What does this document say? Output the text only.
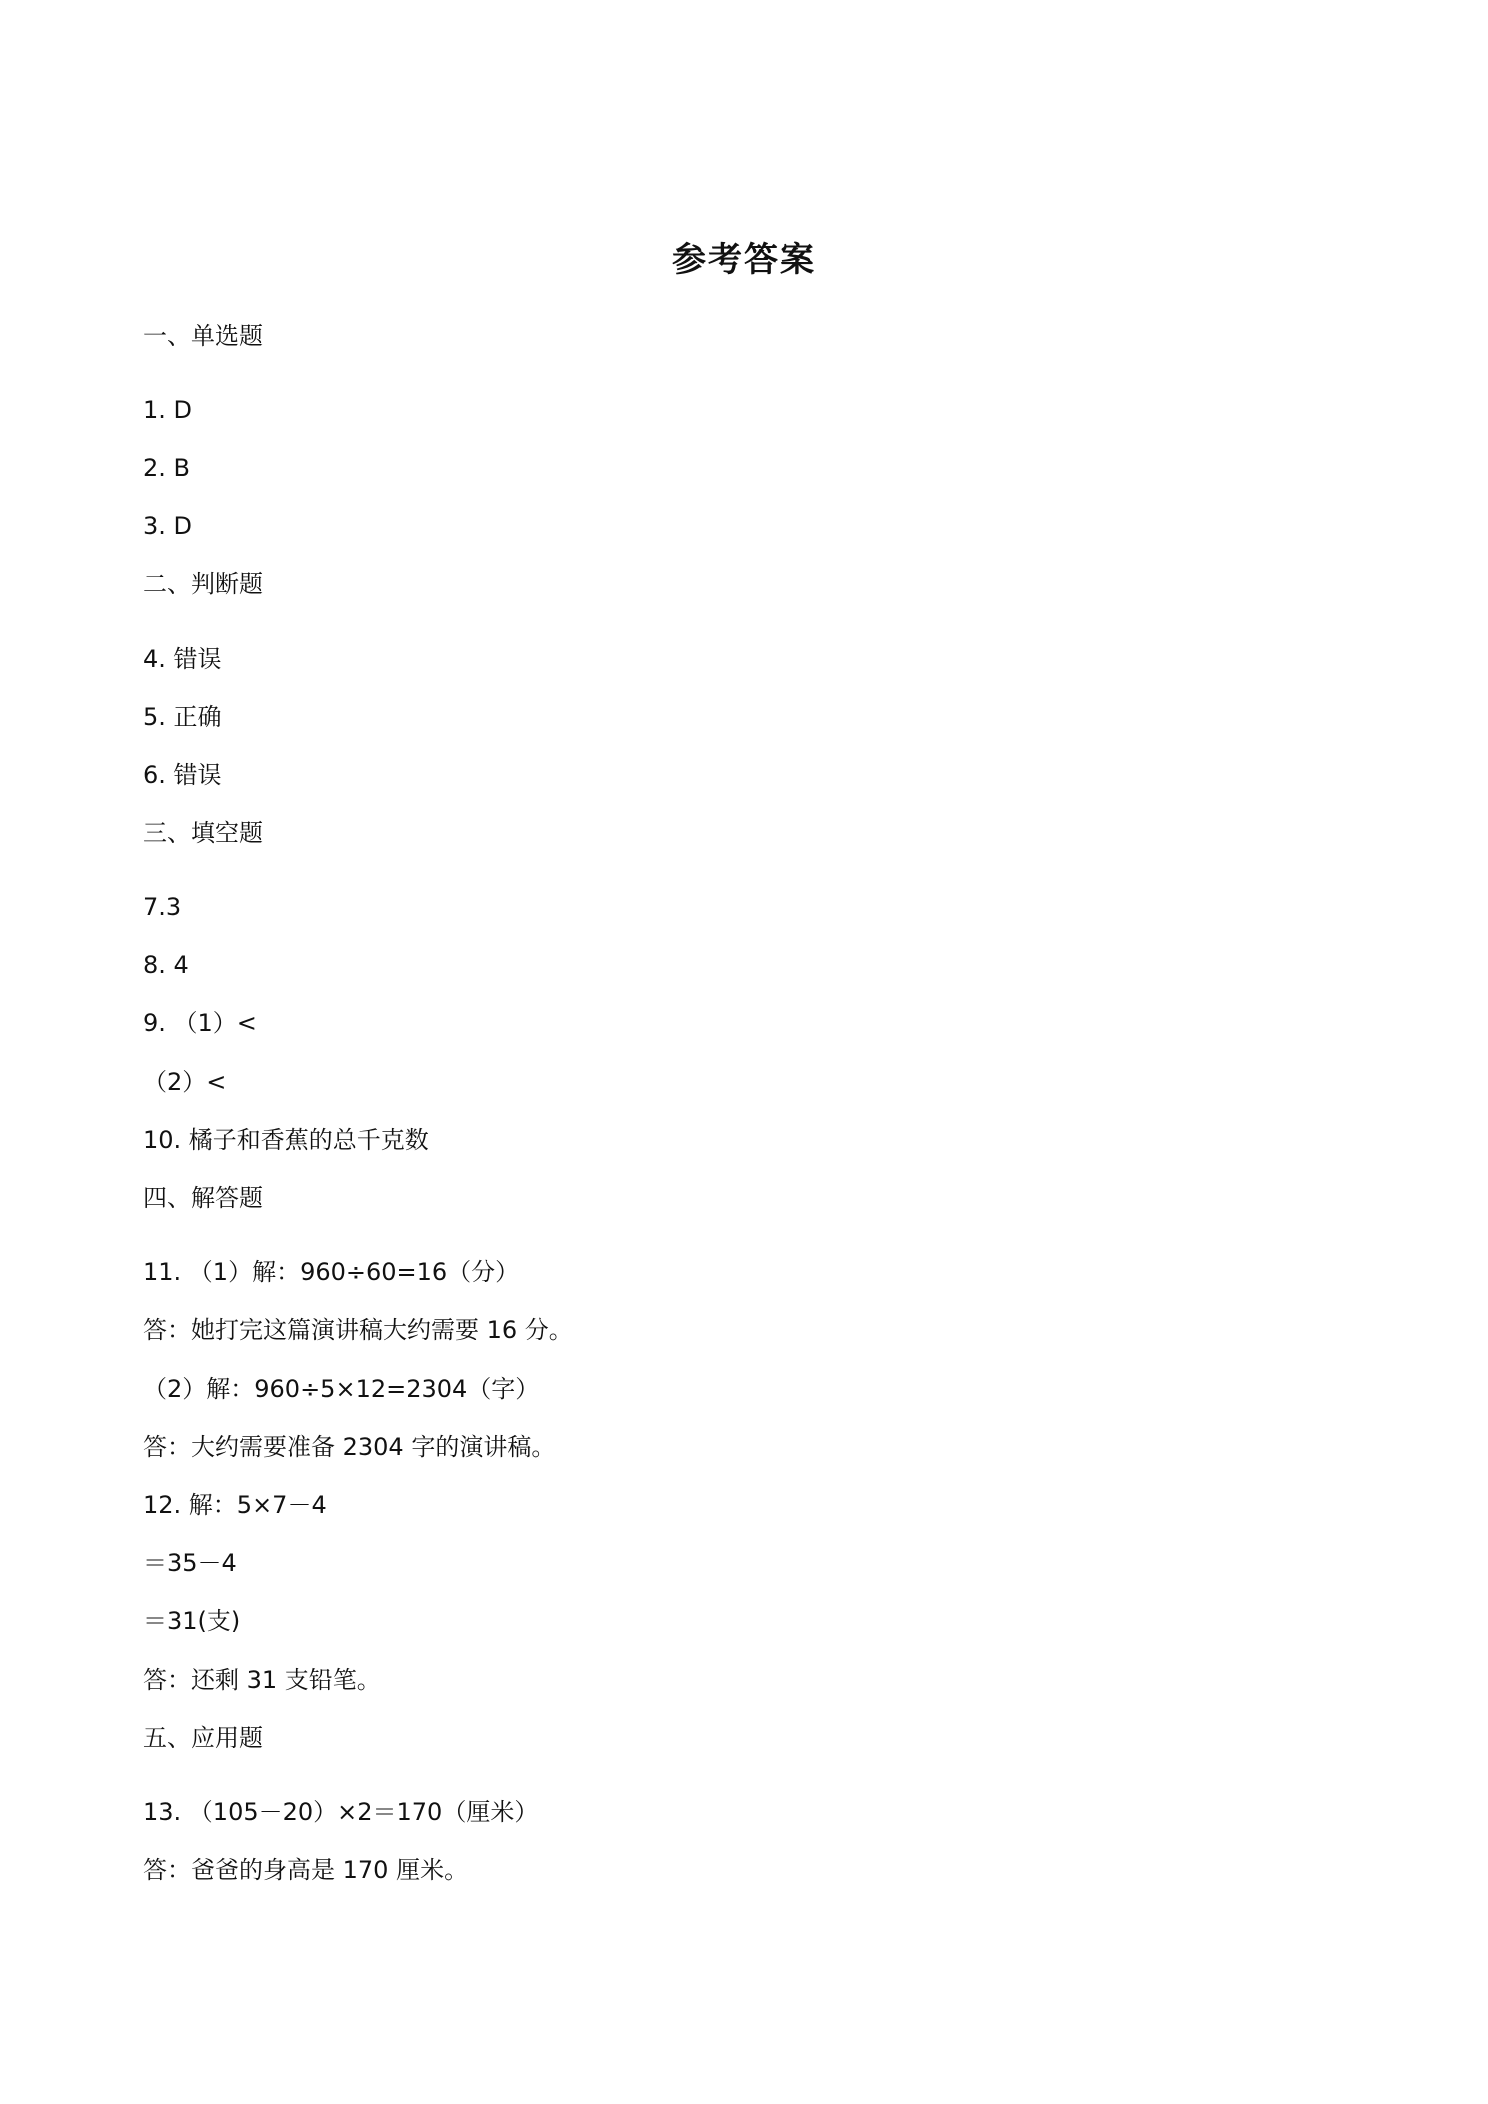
参考答案
一、单选题
1. D
2. B
3. D
二、判断题
4. 错误
5. 正确
6. 错误
三、填空题
7.3
8. 4
9. （1）<
（2）<
10. 橘子和香蕉的总千克数
四、解答题
11. （1）解：960÷60=16（分）
答：她打完这篇演讲稿大约需要 16 分。
（2）解：960÷5×12=2304（字）
答：大约需要准备 2304 字的演讲稿。
12. 解：5×7－4
＝35－4
＝31(支)
答：还剩 31 支铅笔。
五、应用题
13. （105－20）×2＝170（厘米）
答：爸爸的身高是 170 厘米。
